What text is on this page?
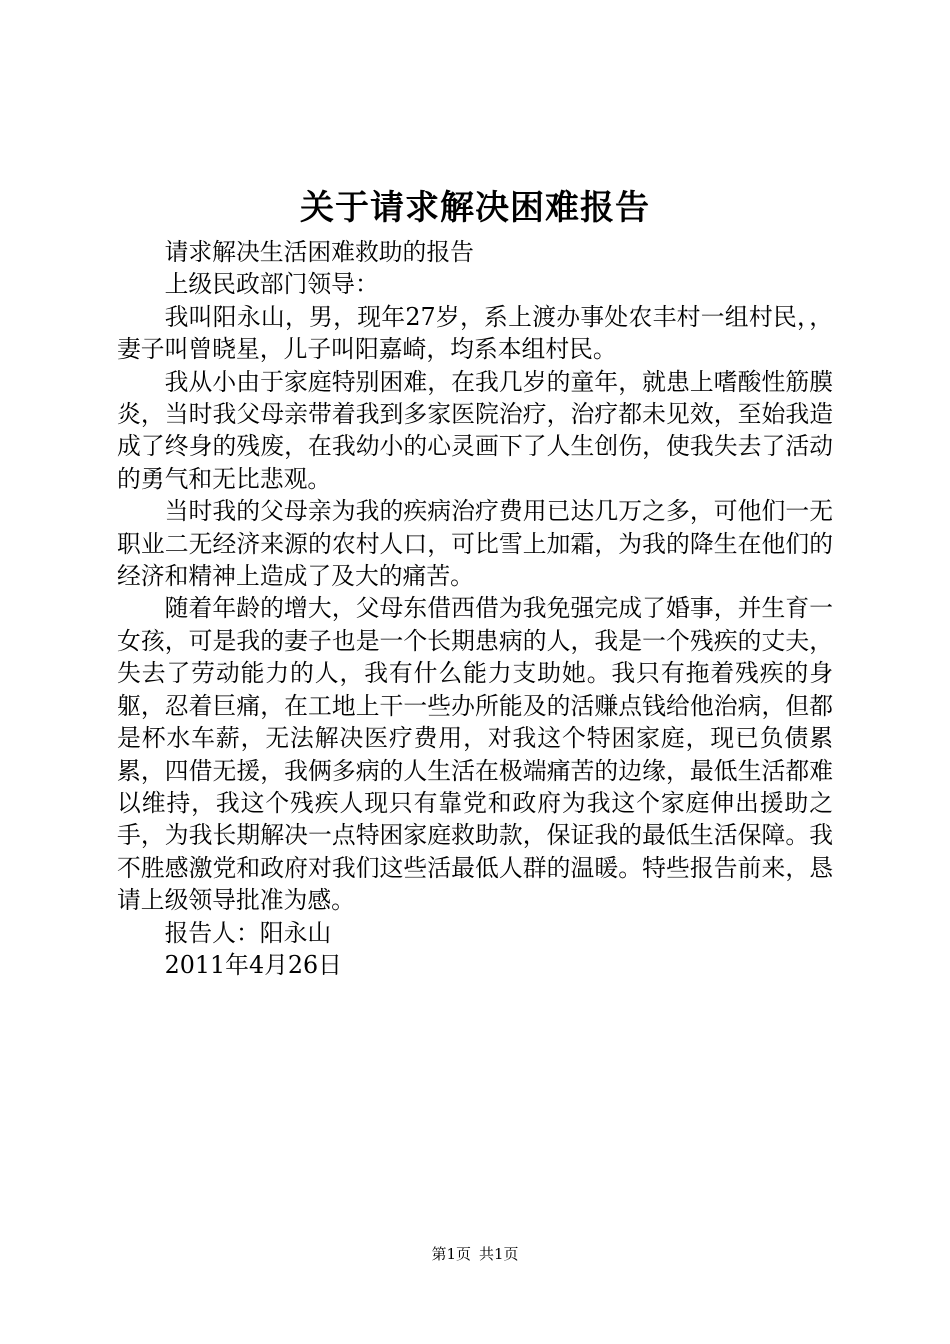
关于请求解决困难报告

请求解决生活困难救助的报告

上级民政部门领导：

我叫阳永山，男，现年27岁，系上渡办事处农丰村一组村民，，妻子叫曾晓星，儿子叫阳嘉崎，均系本组村民。

我从小由于家庭特别困难，在我几岁的童年，就患上嗜酸性筋膜炎，当时我父母亲带着我到多家医院治疗，治疗都未见效，至始我造成了终身的残废，在我幼小的心灵画下了人生创伤，使我失去了活动的勇气和无比悲观。

当时我的父母亲为我的疾病治疗费用已达几万之多，可他们一无职业二无经济来源的农村人口，可比雪上加霜，为我的降生在他们的经济和精神上造成了及大的痛苦。

随着年龄的增大，父母东借西借为我免强完成了婚事，并生育一女孩，可是我的妻子也是一个长期患病的人，我是一个残疾的丈夫，失去了劳动能力的人，我有什么能力支助她。我只有拖着残疾的身躯，忍着巨痛，在工地上干一些办所能及的活赚点钱给他治病，但都是杯水车薪，无法解决医疗费用，对我这个特困家庭，现已负债累累，四借无援，我俩多病的人生活在极端痛苦的边缘，最低生活都难以维持，我这个残疾人现只有靠党和政府为我这个家庭伸出援助之手，为我长期解决一点特困家庭救助款，保证我的最低生活保障。我不胜感激党和政府对我们这些活最低人群的温暖。特些报告前来，恳请上级领导批准为感。

报告人：阳永山

2011年4月26日

第1页 共1页
